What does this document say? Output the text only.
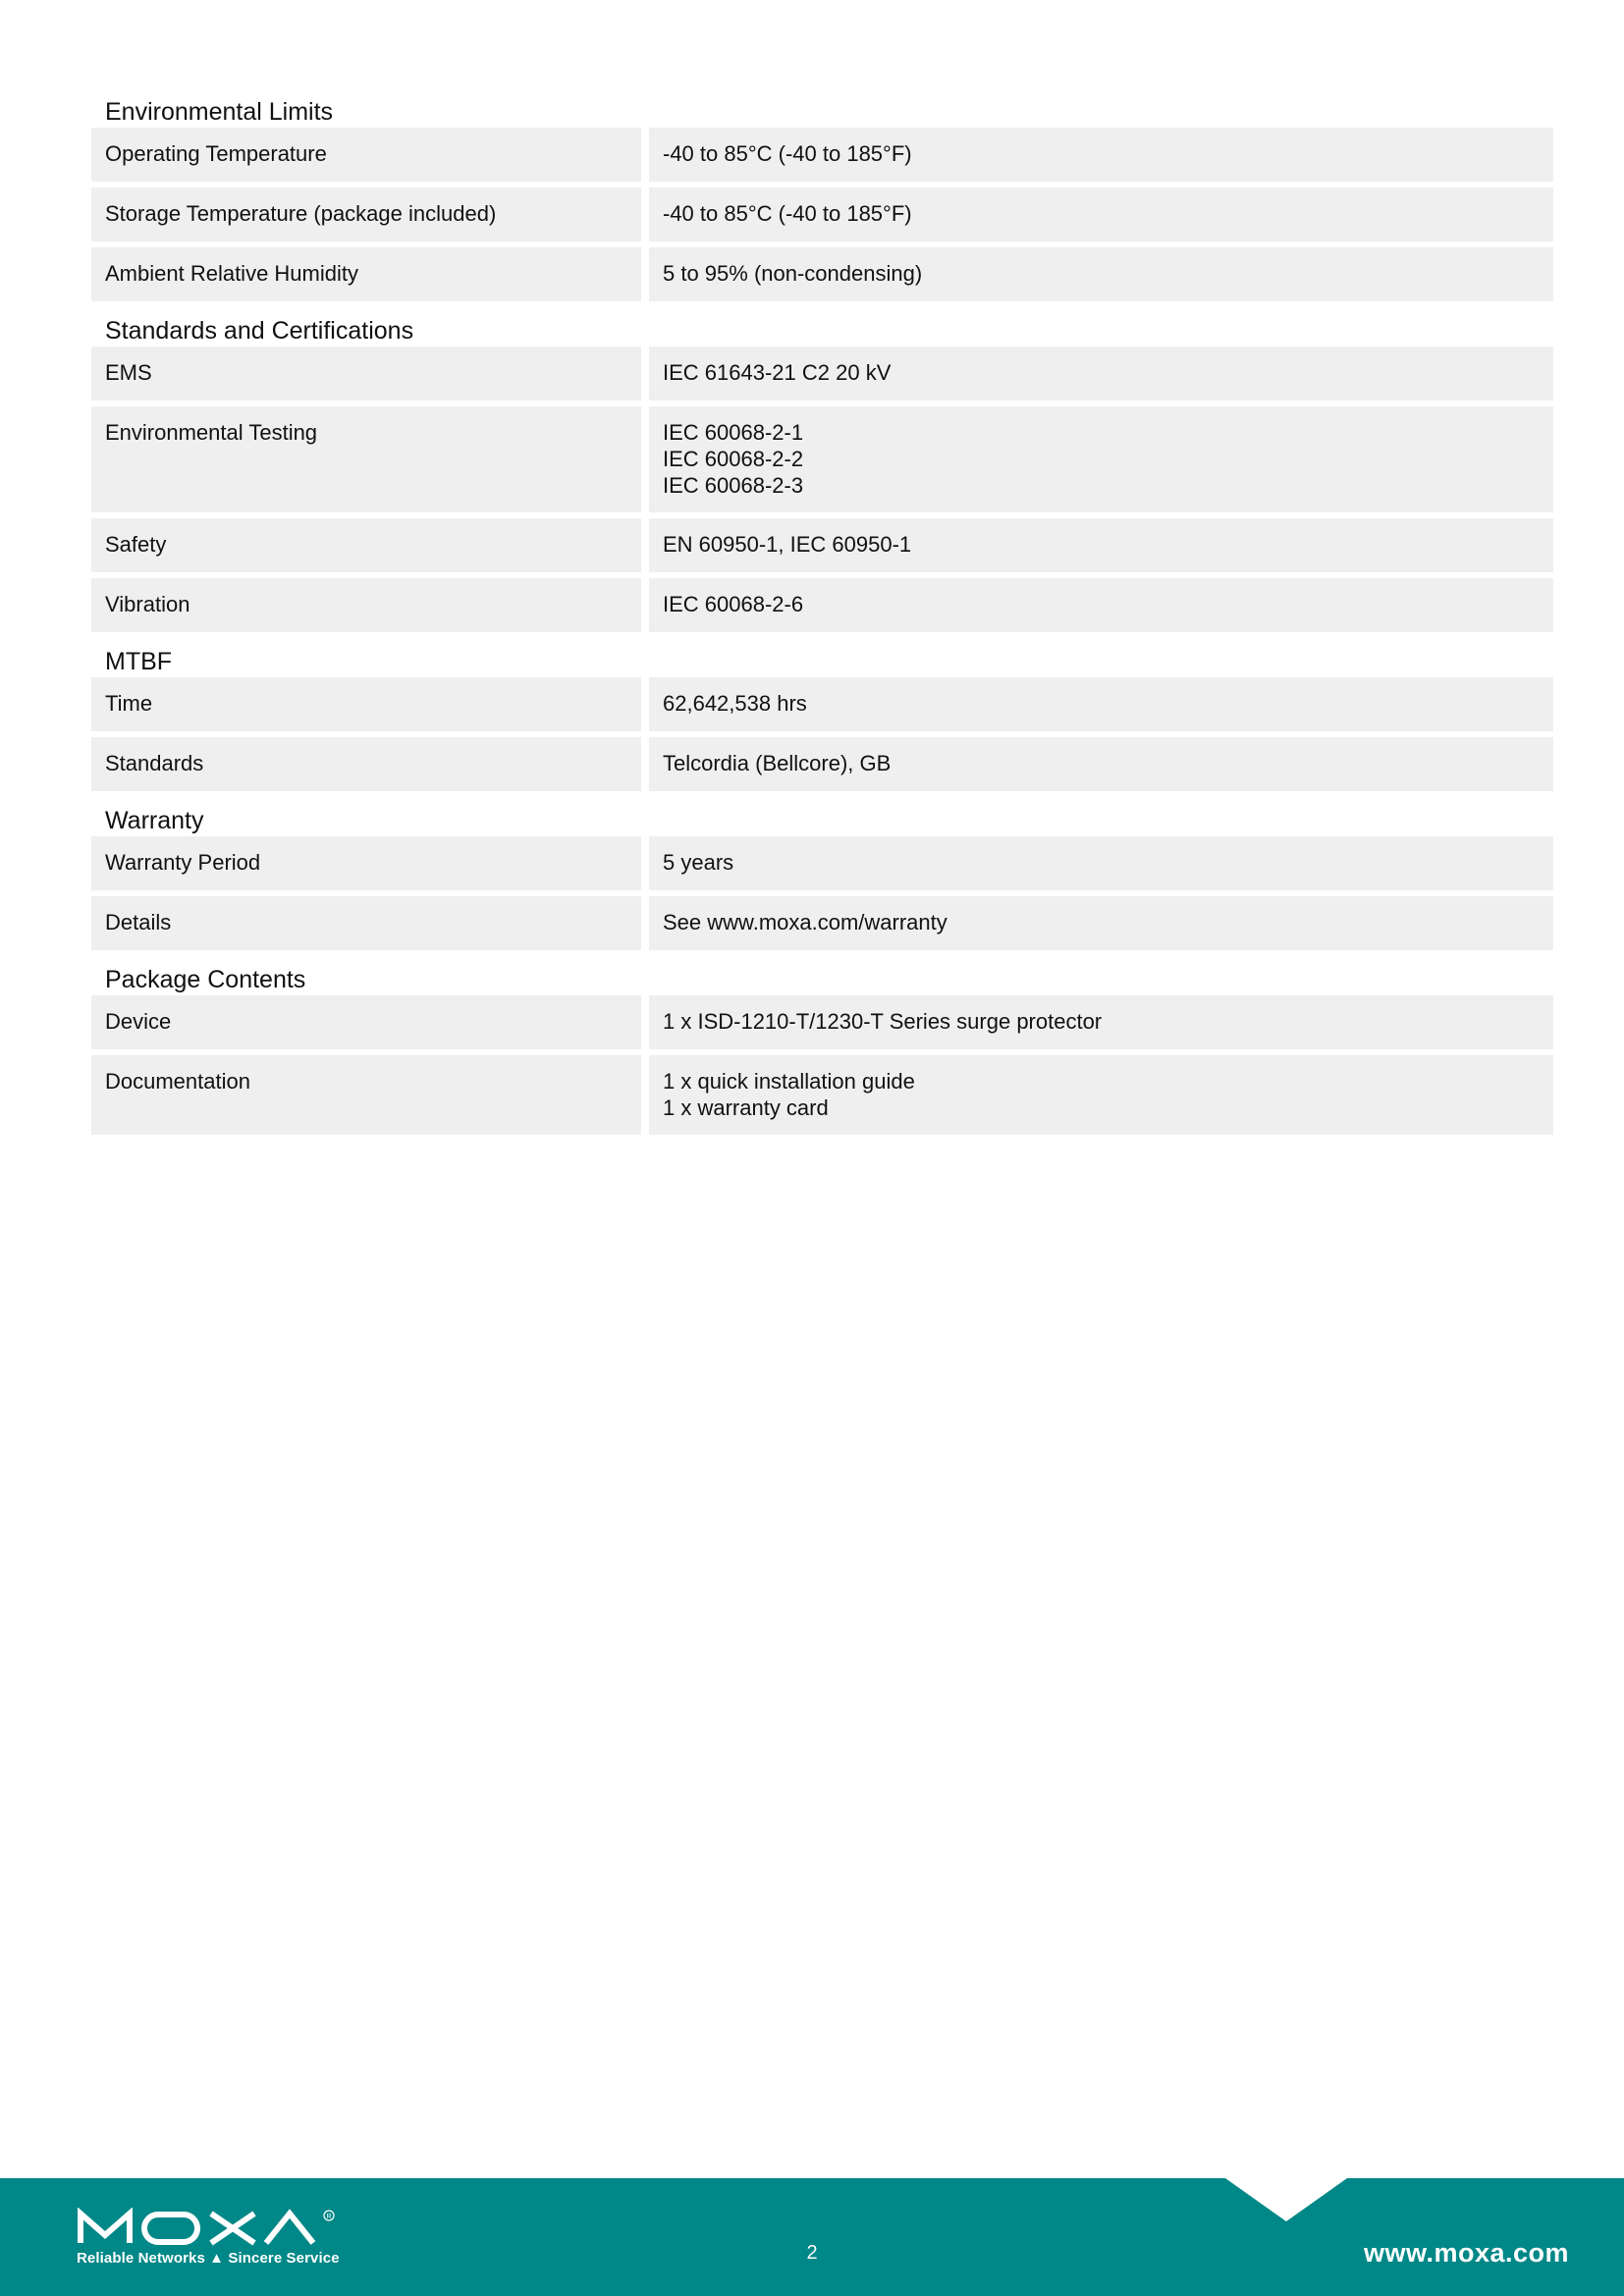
Environmental Limits
Operating Temperature	-40 to 85°C (-40 to 185°F)
Storage Temperature (package included)	-40 to 85°C (-40 to 185°F)
Ambient Relative Humidity	5 to 95% (non-condensing)
Standards and Certifications
EMS	IEC 61643-21 C2 20 kV
Environmental Testing	IEC 60068-2-1
IEC 60068-2-2
IEC 60068-2-3
Safety	EN 60950-1, IEC 60950-1
Vibration	IEC 60068-2-6
MTBF
Time	62,642,538 hrs
Standards	Telcordia (Bellcore), GB
Warranty
Warranty Period	5 years
Details	See www.moxa.com/warranty
Package Contents
Device	1 x ISD-1210-T/1230-T Series surge protector
Documentation	1 x quick installation guide
1 x warranty card
R
Reliable Networks ▲ Sincere Service	2	www.moxa.com
